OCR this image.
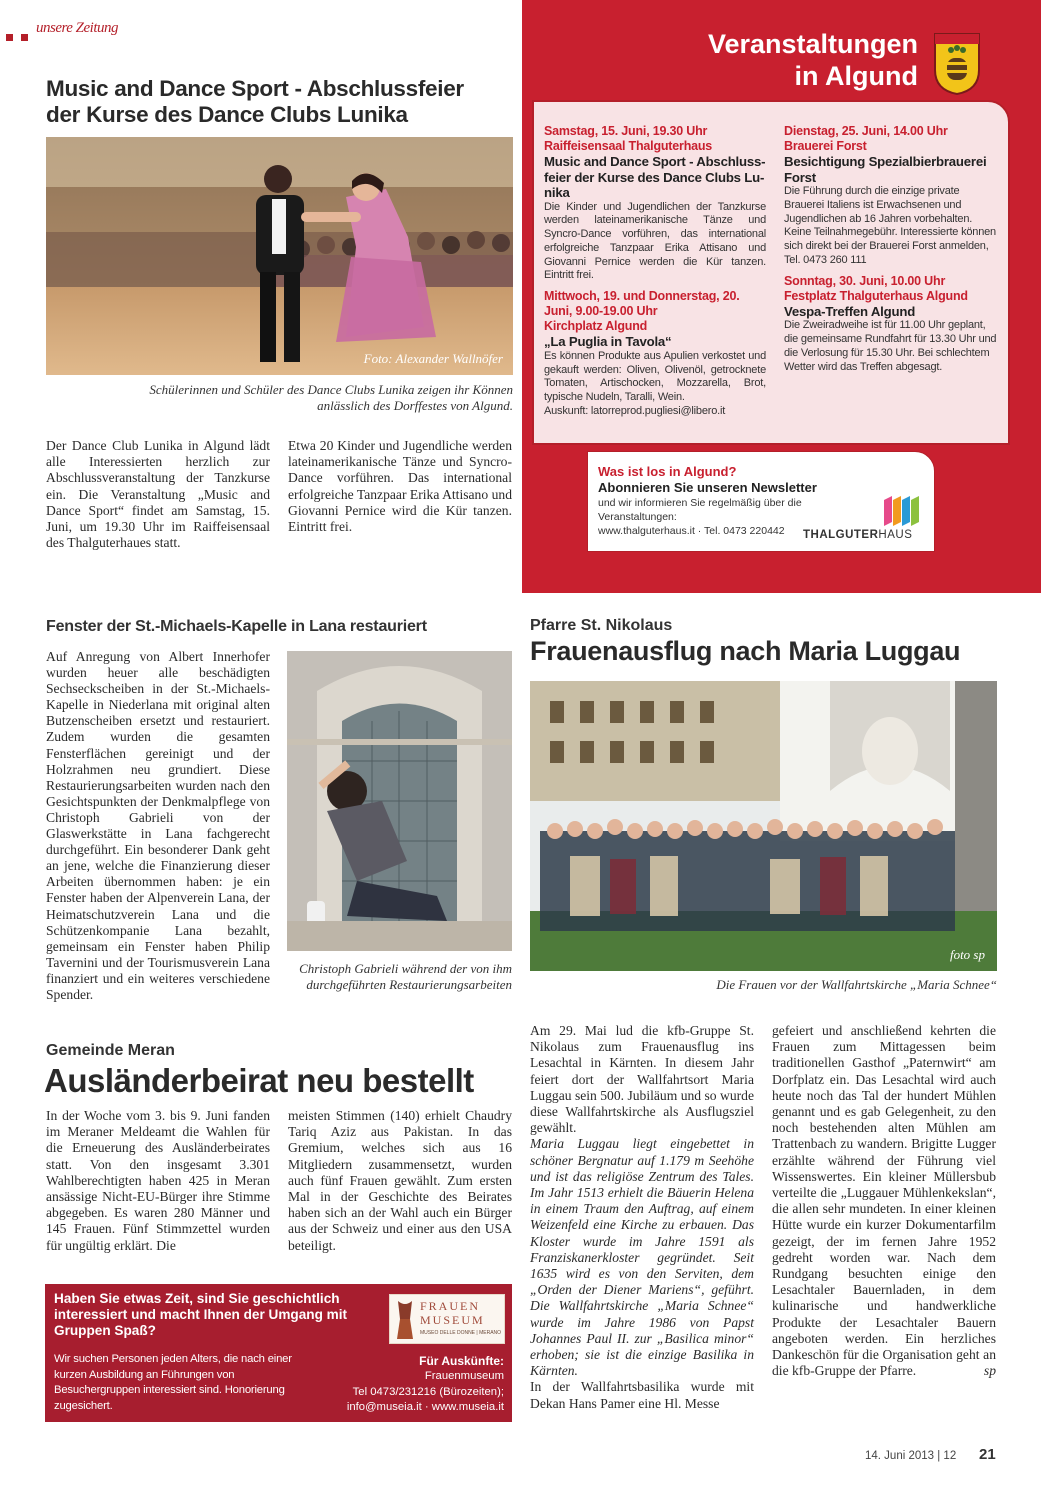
unsere Zeitung
Music and Dance Sport - Abschlussfeier
der Kurse des Dance Clubs Lunika
Foto: Alexander Wallnöfer
Schülerinnen und Schüler des Dance Clubs Lunika zeigen ihr Können
anlässlich des Dorffestes von Algund.
Der Dance Club Lunika in Algund lädt alle Interessierten herzlich zur Abschlussveranstaltung der Tanzkurse ein. Die Veranstaltung „Music and Dance Sport“ findet am Samstag, 15. Juni, um 19.30 Uhr im Raiffeisensaal des Thalguterhaues statt.
Etwa 20 Kinder und Jugendliche werden lateinamerikanische Tänze und Syncro-Dance vorführen. Das international erfolgreiche Tanzpaar Erika Attisano und Giovanni Pernice wird die Kür tanzen. Eintritt frei.
Veranstaltungen
in Algund
Samstag, 15. Juni, 19.30 Uhr
Raiffeisensaal Thalguterhaus
Music and Dance Sport - Abschluss-feier der Kurse des Dance Clubs Lu-nika
Die Kinder und Jugendlichen der Tanzkurse werden lateinamerikanische Tänze und Syncro-Dance vorführen, das international erfolgreiche Tanzpaar Erika Attisano und Giovanni Pernice werden die Kür tanzen. Eintritt frei.
Mittwoch, 19. und Donnerstag, 20. Juni, 9.00-19.00 Uhr
Kirchplatz Algund
„La Puglia in Tavola“
Es können Produkte aus Apulien verkostet und gekauft werden: Oliven, Olivenöl, getrocknete Tomaten, Artischocken, Mozzarella, Brot, typische Nudeln, Taralli, Wein.
Auskunft: latorreprod.pugliesi@libero.it
Dienstag, 25. Juni, 14.00 Uhr
Brauerei Forst
Besichtigung Spezialbierbrauerei Forst
Die Führung durch die einzige private Brauerei Italiens ist Erwachsenen und Jugendlichen ab 16 Jahren vorbehalten. Keine Teilnahmegebühr. Interessierte können sich direkt bei der Brauerei Forst anmelden, Tel. 0473 260 111
Sonntag, 30. Juni, 10.00 Uhr
Festplatz Thalguterhaus Algund
Vespa-Treffen Algund
Die Zweiradweihe ist für 11.00 Uhr geplant, die gemeinsame Rundfahrt für 13.30 Uhr und die Verlosung für 15.30 Uhr. Bei schlechtem Wetter wird das Treffen abgesagt.
Was ist los in Algund?
Abonnieren Sie unseren Newsletter
und wir informieren Sie regelmäßig über die Veranstaltungen:
www.thalguterhaus.it · Tel. 0473 220442	THALGUTERHAUS
Fenster der St.-Michaels-Kapelle in Lana restauriert
Auf Anregung von Albert Innerhofer wurden heuer alle beschädigten Sechseckscheiben in der St.-Michaels-Kapelle in Niederlana mit original alten Butzenscheiben ersetzt und restauriert. Zudem wurden die gesamten Fensterflächen gereinigt und der Holzrahmen neu grundiert. Diese Restaurierungsarbeiten wurden nach den Gesichtspunkten der Denkmalpflege von Christoph Gabrieli von der Glaswerkstätte in Lana fachgerecht durchgeführt. Ein besonderer Dank geht an jene, welche die Finanzierung dieser Arbeiten übernommen haben: je ein Fenster haben der Alpenverein Lana, der Heimatschutzverein Lana und die Schützenkompanie Lana bezahlt, gemeinsam ein Fenster haben Philip Tavernini und der Tourismusverein Lana finanziert und ein weiteres verschiedene Spender.
Christoph Gabrieli während der von ihm durchgeführten Restaurierungsarbeiten
Pfarre St. Nikolaus
Frauenausflug nach Maria Luggau
foto sp
Die Frauen vor der Wallfahrtskirche „Maria Schnee“
Am 29. Mai lud die kfb-Gruppe St. Nikolaus zum Frauenausflug ins Lesachtal in Kärnten. In diesem Jahr feiert dort der Wallfahrtsort Maria Luggau sein 500. Jubiläum und so wurde diese Wallfahrtskirche als Ausflugsziel gewählt.
Maria Luggau liegt eingebettet in schöner Bergnatur auf 1.179 m Seehöhe und ist das religiöse Zentrum des Tales. Im Jahr 1513 erhielt die Bäuerin Helena in einem Traum den Auftrag, auf einem Weizenfeld eine Kirche zu erbauen. Das Kloster wurde im Jahre 1591 als Franziskanerkloster gegründet. Seit 1635 wird es von den Serviten, dem „Orden der Diener Mariens“, geführt. Die Wallfahrtskirche „Maria Schnee“ wurde im Jahre 1986 von Papst Johannes Paul II. zur „Basilica minor“ erhoben; sie ist die einzige Basilika in Kärnten.
In der Wallfahrtsbasilika wurde mit Dekan Hans Pamer eine Hl. Messe
gefeiert und anschließend kehrten die Frauen zum Mittagessen beim traditionellen Gasthof „Paternwirt“ am Dorfplatz ein. Das Lesachtal wird auch heute noch das Tal der hundert Mühlen genannt und es gab Gelegenheit, zu den noch bestehenden alten Mühlen am Trattenbach zu wandern. Brigitte Lugger erzählte während der Führung viel Wissenswertes. Ein kleiner Müllersbub verteilte die „Luggauer Mühlenkekslan“, die allen sehr mundeten. In einer kleinen Hütte wurde ein kurzer Dokumentarfilm gezeigt, der im fernen Jahre 1952 gedreht worden war. Nach dem Rundgang besuchten einige den Lesachtaler Bauernladen, in dem kulinarische und handwerkliche Produkte der Lesachtaler Bauern angeboten werden. Ein herzliches Dankeschön für die Organisation geht an die kfb-Gruppe der Pfarre.	sp
Gemeinde Meran
Ausländerbeirat neu bestellt
In der Woche vom 3. bis 9. Juni fanden im Meraner Meldeamt die Wahlen für die Erneuerung des Ausländerbeirates statt. Von den insgesamt 3.301 Wahlberechtigten haben 425 in Meran ansässige Nicht-EU-Bürger ihre Stimme abgegeben. Es waren 280 Männer und 145 Frauen. Fünf Stimmzettel wurden für ungültig erklärt. Die
meisten Stimmen (140) erhielt Chaudry Tariq Aziz aus Pakistan. In das Gremium, welches sich aus 16 Mitgliedern zusammensetzt, wurden auch fünf Frauen gewählt. Zum ersten Mal in der Geschichte des Beirates haben sich an der Wahl auch ein Bürger aus der Schweiz und einer aus den USA beteiligt.
Haben Sie etwas Zeit, sind Sie geschichtlich interessiert und macht Ihnen der Umgang mit Gruppen Spaß?
Wir suchen Personen jeden Alters, die nach einer kurzen Ausbildung an Führungen von Besuchergruppen interessiert sind. Honorierung zugesichert.
FRAUEN
MUSEUM
MUSEO DELLE DONNE | MERANO
Für Auskünfte:
Frauenmuseum
Tel 0473/231216 (Bürozeiten);
info@museia.it · www.museia.it
14. Juni 2013 | 12 21
